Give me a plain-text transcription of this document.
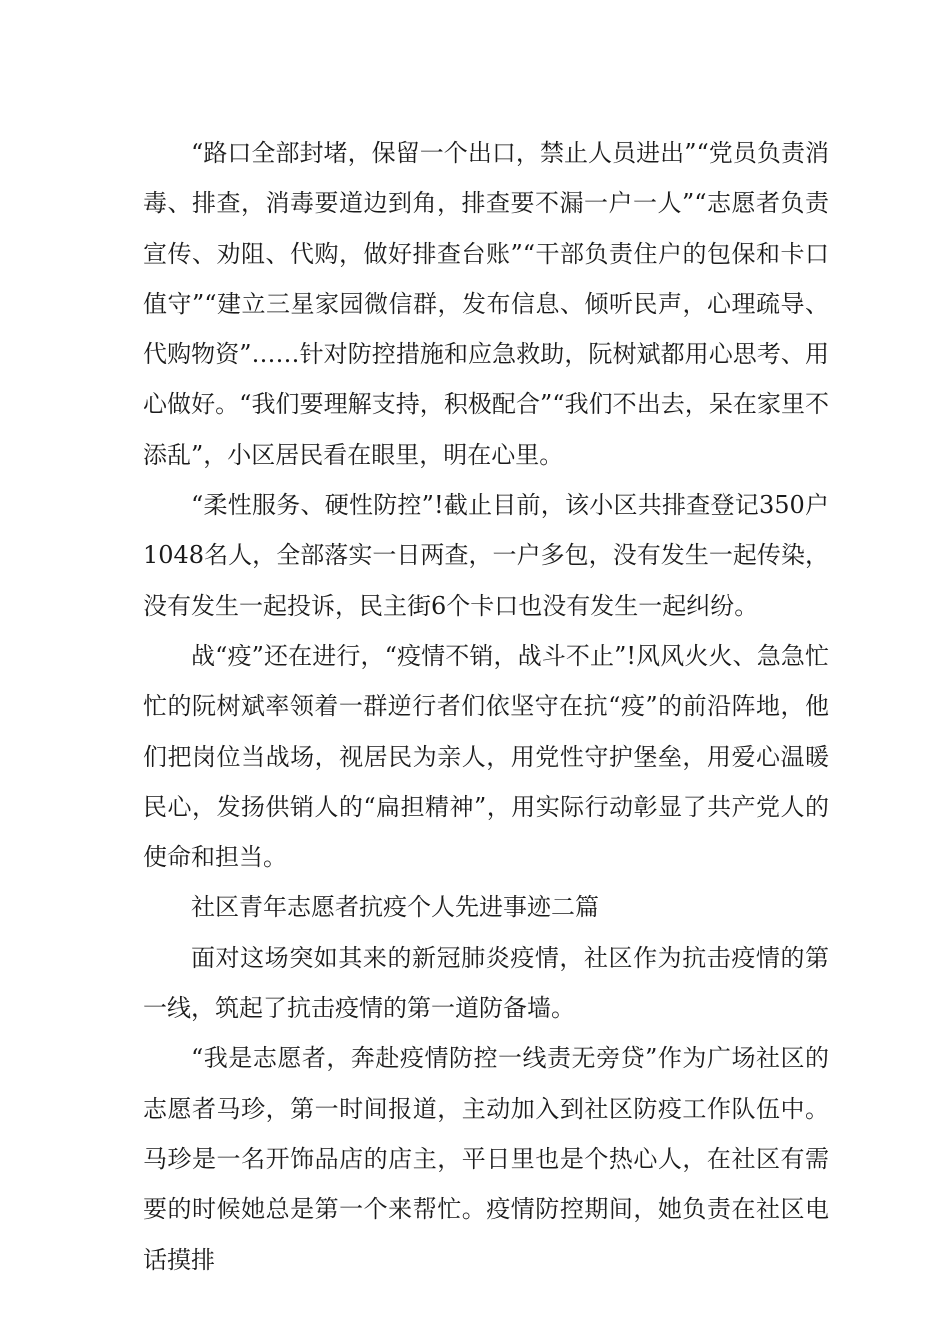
“路口全部封堵，保留一个出口，禁止人员进出”“党员负责消毒、排查，消毒要道边到角，排查要不漏一户一人”“志愿者负责宣传、劝阻、代购，做好排查台账”“干部负责住户的包保和卡口值守”“建立三星家园微信群，发布信息、倾听民声，心理疏导、代购物资”……针对防控措施和应急救助，阮树斌都用心思考、用心做好。“我们要理解支持，积极配合”“我们不出去，呆在家里不添乱”，小区居民看在眼里，明在心里。

“柔性服务、硬性防控”!截止目前，该小区共排查登记350户1048名人，全部落实一日两查，一户多包，没有发生一起传染，没有发生一起投诉，民主街6个卡口也没有发生一起纠纷。

战“疫”还在进行，“疫情不销，战斗不止”!风风火火、急急忙忙的阮树斌率领着一群逆行者们依坚守在抗“疫”的前沿阵地，他们把岗位当战场，视居民为亲人，用党性守护堡垒，用爱心温暖民心，发扬供销人的“扁担精神”，用实际行动彰显了共产党人的使命和担当。

社区青年志愿者抗疫个人先进事迹二篇

面对这场突如其来的新冠肺炎疫情，社区作为抗击疫情的第一线，筑起了抗击疫情的第一道防备墙。

“我是志愿者，奔赴疫情防控一线责无旁贷”作为广场社区的志愿者马珍，第一时间报道，主动加入到社区防疫工作队伍中。马珍是一名开饰品店的店主，平日里也是个热心人，在社区有需要的时候她总是第一个来帮忙。疫情防控期间，她负责在社区电话摸排
